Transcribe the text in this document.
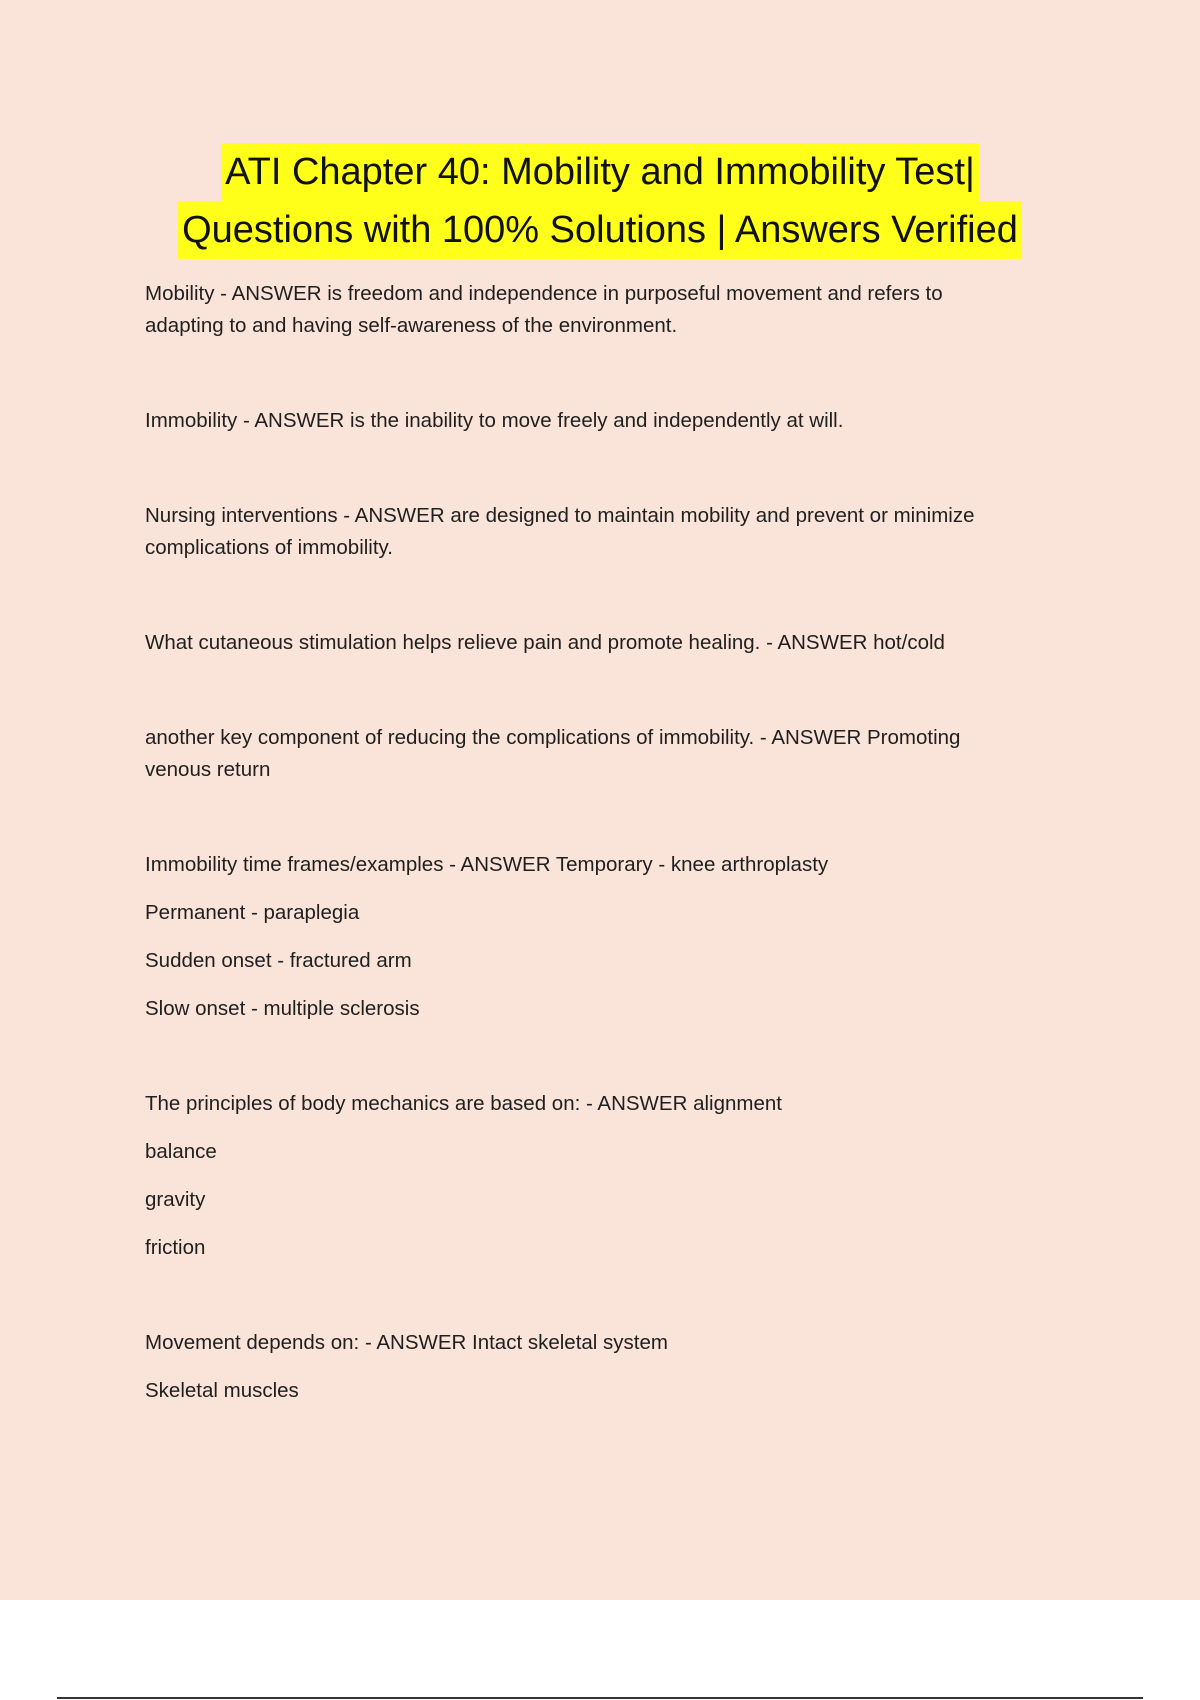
ATI Chapter 40: Mobility and Immobility Test|
Questions with 100% Solutions | Answers Verified
Mobility - ANSWER is freedom and independence in purposeful movement and refers to
adapting to and having self-awareness of the environment.
Immobility - ANSWER is the inability to move freely and independently at will.
Nursing interventions - ANSWER are designed to maintain mobility and prevent or minimize
complications of immobility.
What cutaneous stimulation helps relieve pain and promote healing. - ANSWER hot/cold
another key component of reducing the complications of immobility. - ANSWER Promoting
venous return
Immobility time frames/examples - ANSWER Temporary - knee arthroplasty
Permanent - paraplegia
Sudden onset - fractured arm
Slow onset - multiple sclerosis
The principles of body mechanics are based on: - ANSWER alignment
balance
gravity
friction
Movement depends on: - ANSWER Intact skeletal system
Skeletal muscles
